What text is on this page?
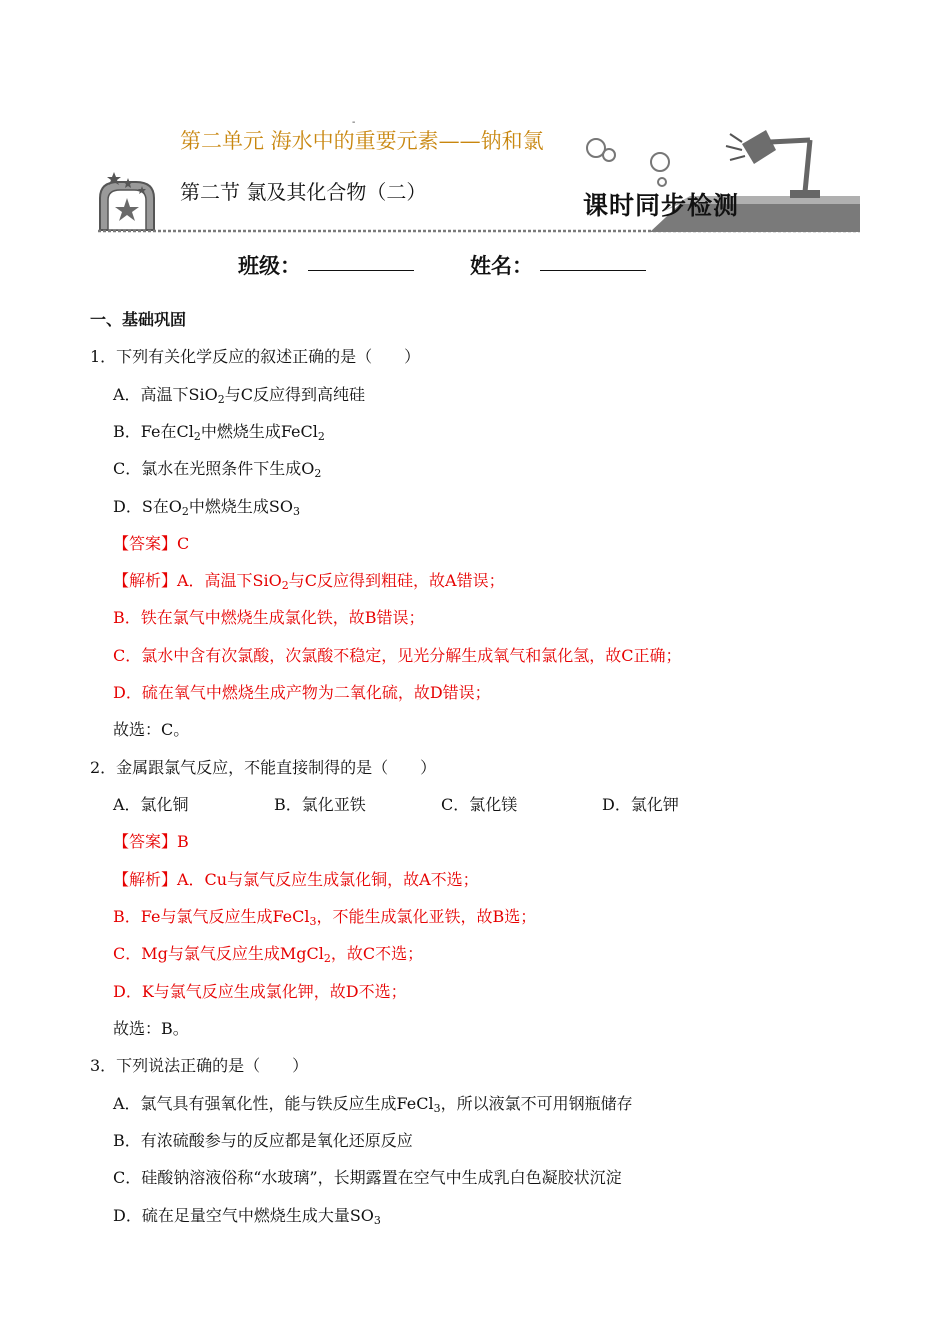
-
第二单元 海水中的重要元素——钠和氯
第二节 氯及其化合物（二）	课时同步检测
班级：	姓名：
一、基础巩固
1．下列有关化学反应的叙述正确的是（　　）
A．高温下SiO$_2$与C反应得到高纯硅
B．Fe在$Cl_2$中燃烧生成FeCl$_2$
C．氯水在光照条件下生成$O_2$
D．S在$O_2$中燃烧生成$SO_3$
【答案】C
【解析】A．高温下SiO$_2$与C反应得到粗硅，故A错误；
B．铁在氯气中燃烧生成氯化铁，故B错误；
C．氯水中含有次氯酸，次氯酸不稳定，见光分解生成氧气和氯化氢，故C正确；
D．硫在氧气中燃烧生成产物为二氧化硫，故D错误；
故选：C。
2．金属跟氯气反应，不能直接制得的是（　　）
A．氯化铜	B．氯化亚铁	C．氯化镁	D．氯化钾
【答案】B
【解析】A．Cu与氯气反应生成氯化铜，故A不选；
B．Fe与氯气反应生成FeCl$_3$，不能生成氯化亚铁，故B选；
C．Mg与氯气反应生成MgCl$_2$，故C不选；
D．K与氯气反应生成氯化钾，故D不选；
故选：B。
3．下列说法正确的是（　　）
A．氯气具有强氧化性，能与铁反应生成FeCl$_3$，所以液氯不可用钢瓶储存
B．有浓硫酸参与的反应都是氧化还原反应
C．硅酸钠溶液俗称“水玻璃”，长期露置在空气中生成乳白色凝胶状沉淀
D．硫在足量空气中燃烧生成大量$SO_3$
